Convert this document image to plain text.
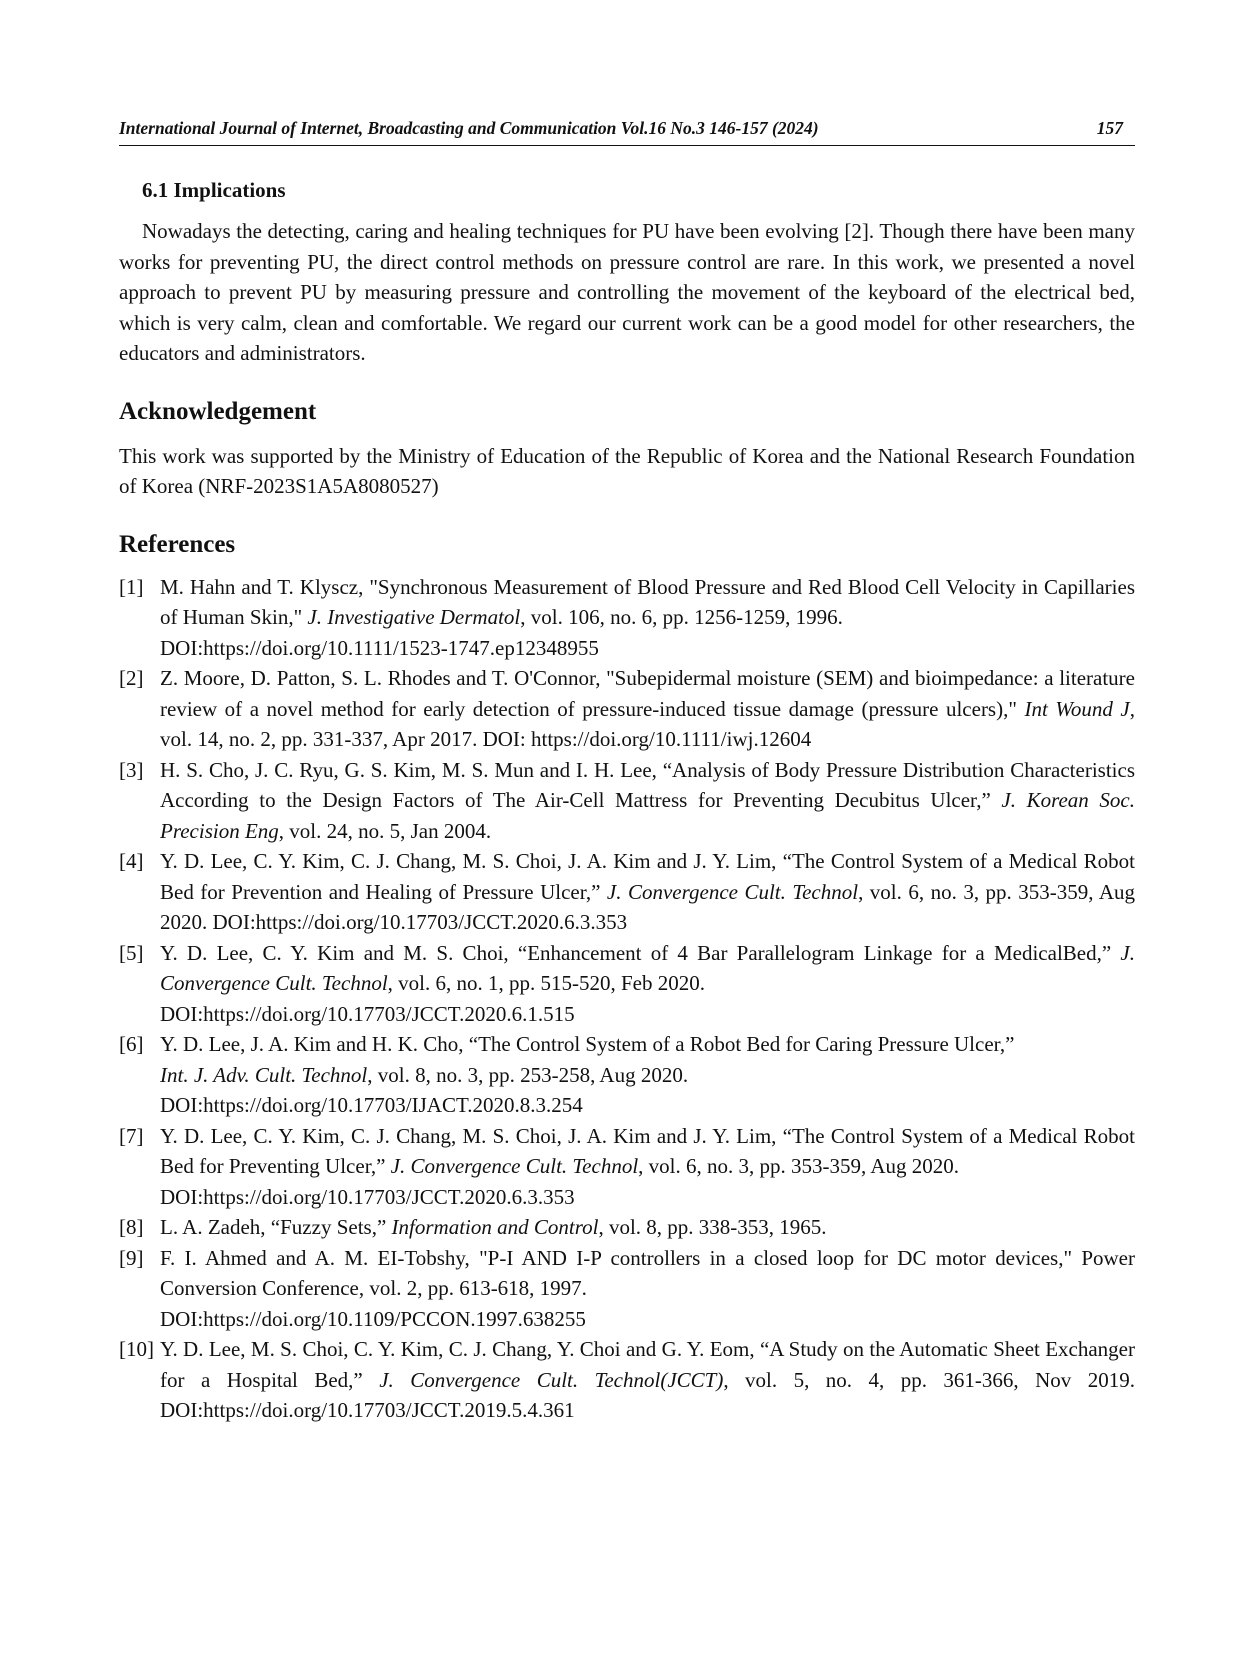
International Journal of Internet, Broadcasting and Communication Vol.16 No.3 146-157 (2024)	157
6.1 Implications

Nowadays the detecting, caring and healing techniques for PU have been evolving [2]. Though there have been many works for preventing PU, the direct control methods on pressure control are rare. In this work, we presented a novel approach to prevent PU by measuring pressure and controlling the movement of the keyboard of the electrical bed, which is very calm, clean and comfortable. We regard our current work can be a good model for other researchers, the educators and administrators.

Acknowledgement

This work was supported by the Ministry of Education of the Republic of Korea and the National Research Foundation of Korea (NRF-2023S1A5A8080527)

References
[1] M. Hahn and T. Klyscz, "Synchronous Measurement of Blood Pressure and Red Blood Cell Velocity in Capillaries of Human Skin," J. Investigative Dermatol, vol. 106, no. 6, pp. 1256-1259, 1996.
DOI:https://doi.org/10.1111/1523-1747.ep12348955
[2] Z. Moore, D. Patton, S. L. Rhodes and T. O'Connor, "Subepidermal moisture (SEM) and bioimpedance: a literature review of a novel method for early detection of pressure-induced tissue damage (pressure ulcers)," Int Wound J, vol. 14, no. 2, pp. 331-337, Apr 2017. DOI: https://doi.org/10.1111/iwj.12604
[3] H. S. Cho, J. C. Ryu, G. S. Kim, M. S. Mun and I. H. Lee, “Analysis of Body Pressure Distribution Characteristics According to the Design Factors of The Air-Cell Mattress for Preventing Decubitus Ulcer,” J. Korean Soc. Precision Eng, vol. 24, no. 5, Jan 2004.
[4] Y. D. Lee, C. Y. Kim, C. J. Chang, M. S. Choi, J. A. Kim and J. Y. Lim, “The Control System of a Medical Robot Bed for Prevention and Healing of Pressure Ulcer,” J. Convergence Cult. Technol, vol. 6, no. 3, pp. 353-359, Aug 2020. DOI:https://doi.org/10.17703/JCCT.2020.6.3.353
[5] Y. D. Lee, C. Y. Kim and M. S. Choi, “Enhancement of 4 Bar Parallelogram Linkage for a MedicalBed,” J. Convergence Cult. Technol, vol. 6, no. 1, pp. 515-520, Feb 2020.
DOI:https://doi.org/10.17703/JCCT.2020.6.1.515
[6] Y. D. Lee, J. A. Kim and H. K. Cho, “The Control System of a Robot Bed for Caring Pressure Ulcer,”
Int. J. Adv. Cult. Technol, vol. 8, no. 3, pp. 253-258, Aug 2020.
DOI:https://doi.org/10.17703/IJACT.2020.8.3.254
[7] Y. D. Lee, C. Y. Kim, C. J. Chang, M. S. Choi, J. A. Kim and J. Y. Lim, “The Control System of a Medical Robot Bed for Preventing Ulcer,” J. Convergence Cult. Technol, vol. 6, no. 3, pp. 353-359, Aug 2020.
DOI:https://doi.org/10.17703/JCCT.2020.6.3.353
[8] L. A. Zadeh, “Fuzzy Sets,” Information and Control, vol. 8, pp. 338-353, 1965.
[9] F. I. Ahmed and A. M. EI-Tobshy, "P-I AND I-P controllers in a closed loop for DC motor devices," Power Conversion Conference, vol. 2, pp. 613-618, 1997.
DOI:https://doi.org/10.1109/PCCON.1997.638255
[10] Y. D. Lee, M. S. Choi, C. Y. Kim, C. J. Chang, Y. Choi and G. Y. Eom, “A Study on the Automatic Sheet Exchanger for a Hospital Bed,” J. Convergence Cult. Technol(JCCT), vol. 5, no. 4, pp. 361-366, Nov 2019. DOI:https://doi.org/10.17703/JCCT.2019.5.4.361
